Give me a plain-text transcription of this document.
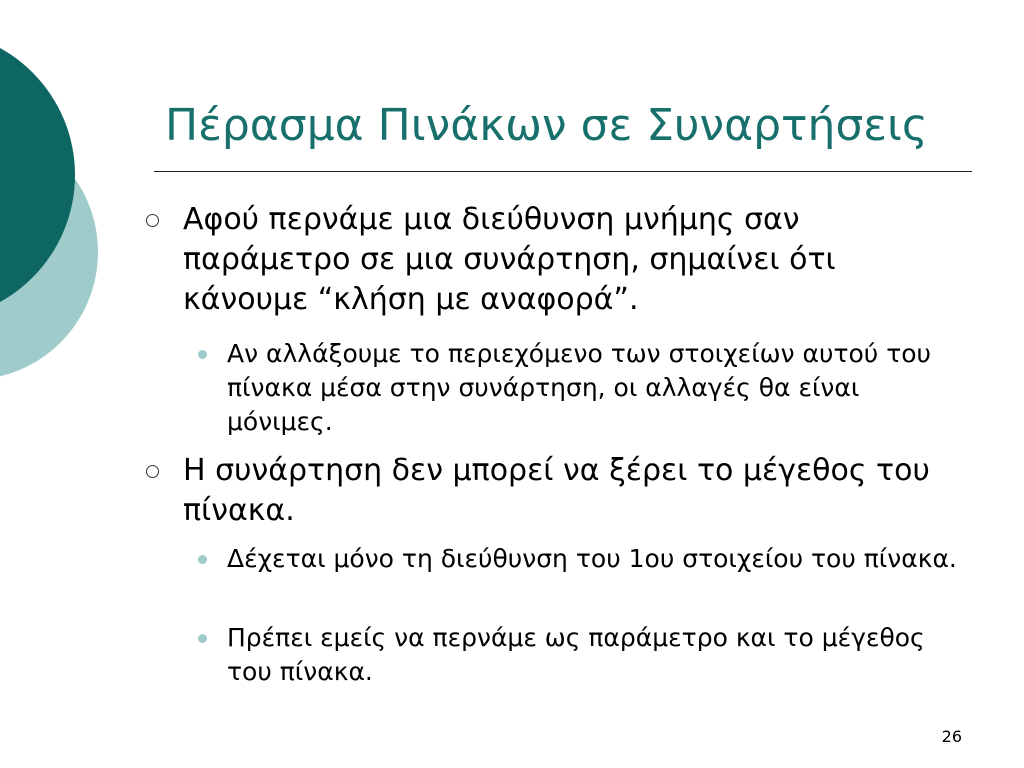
Πέρασμα Πινάκων σε Συναρτήσεις
Αφού περνάμε μια διεύθυνση μνήμης σαν παράμετρο σε μια συνάρτηση, σημαίνει ότι κάνουμε “κλήση με αναφορά”.
Αν αλλάξουμε το περιεχόμενο των στοιχείων αυτού του πίνακα μέσα στην συνάρτηση, οι αλλαγές θα είναι μόνιμες.
Η συνάρτηση δεν μπορεί να ξέρει το μέγεθος του πίνακα.
Δέχεται μόνο τη διεύθυνση του 1ου στοιχείου του πίνακα.
Πρέπει εμείς να περνάμε ως παράμετρο και το μέγεθος του πίνακα.
26
